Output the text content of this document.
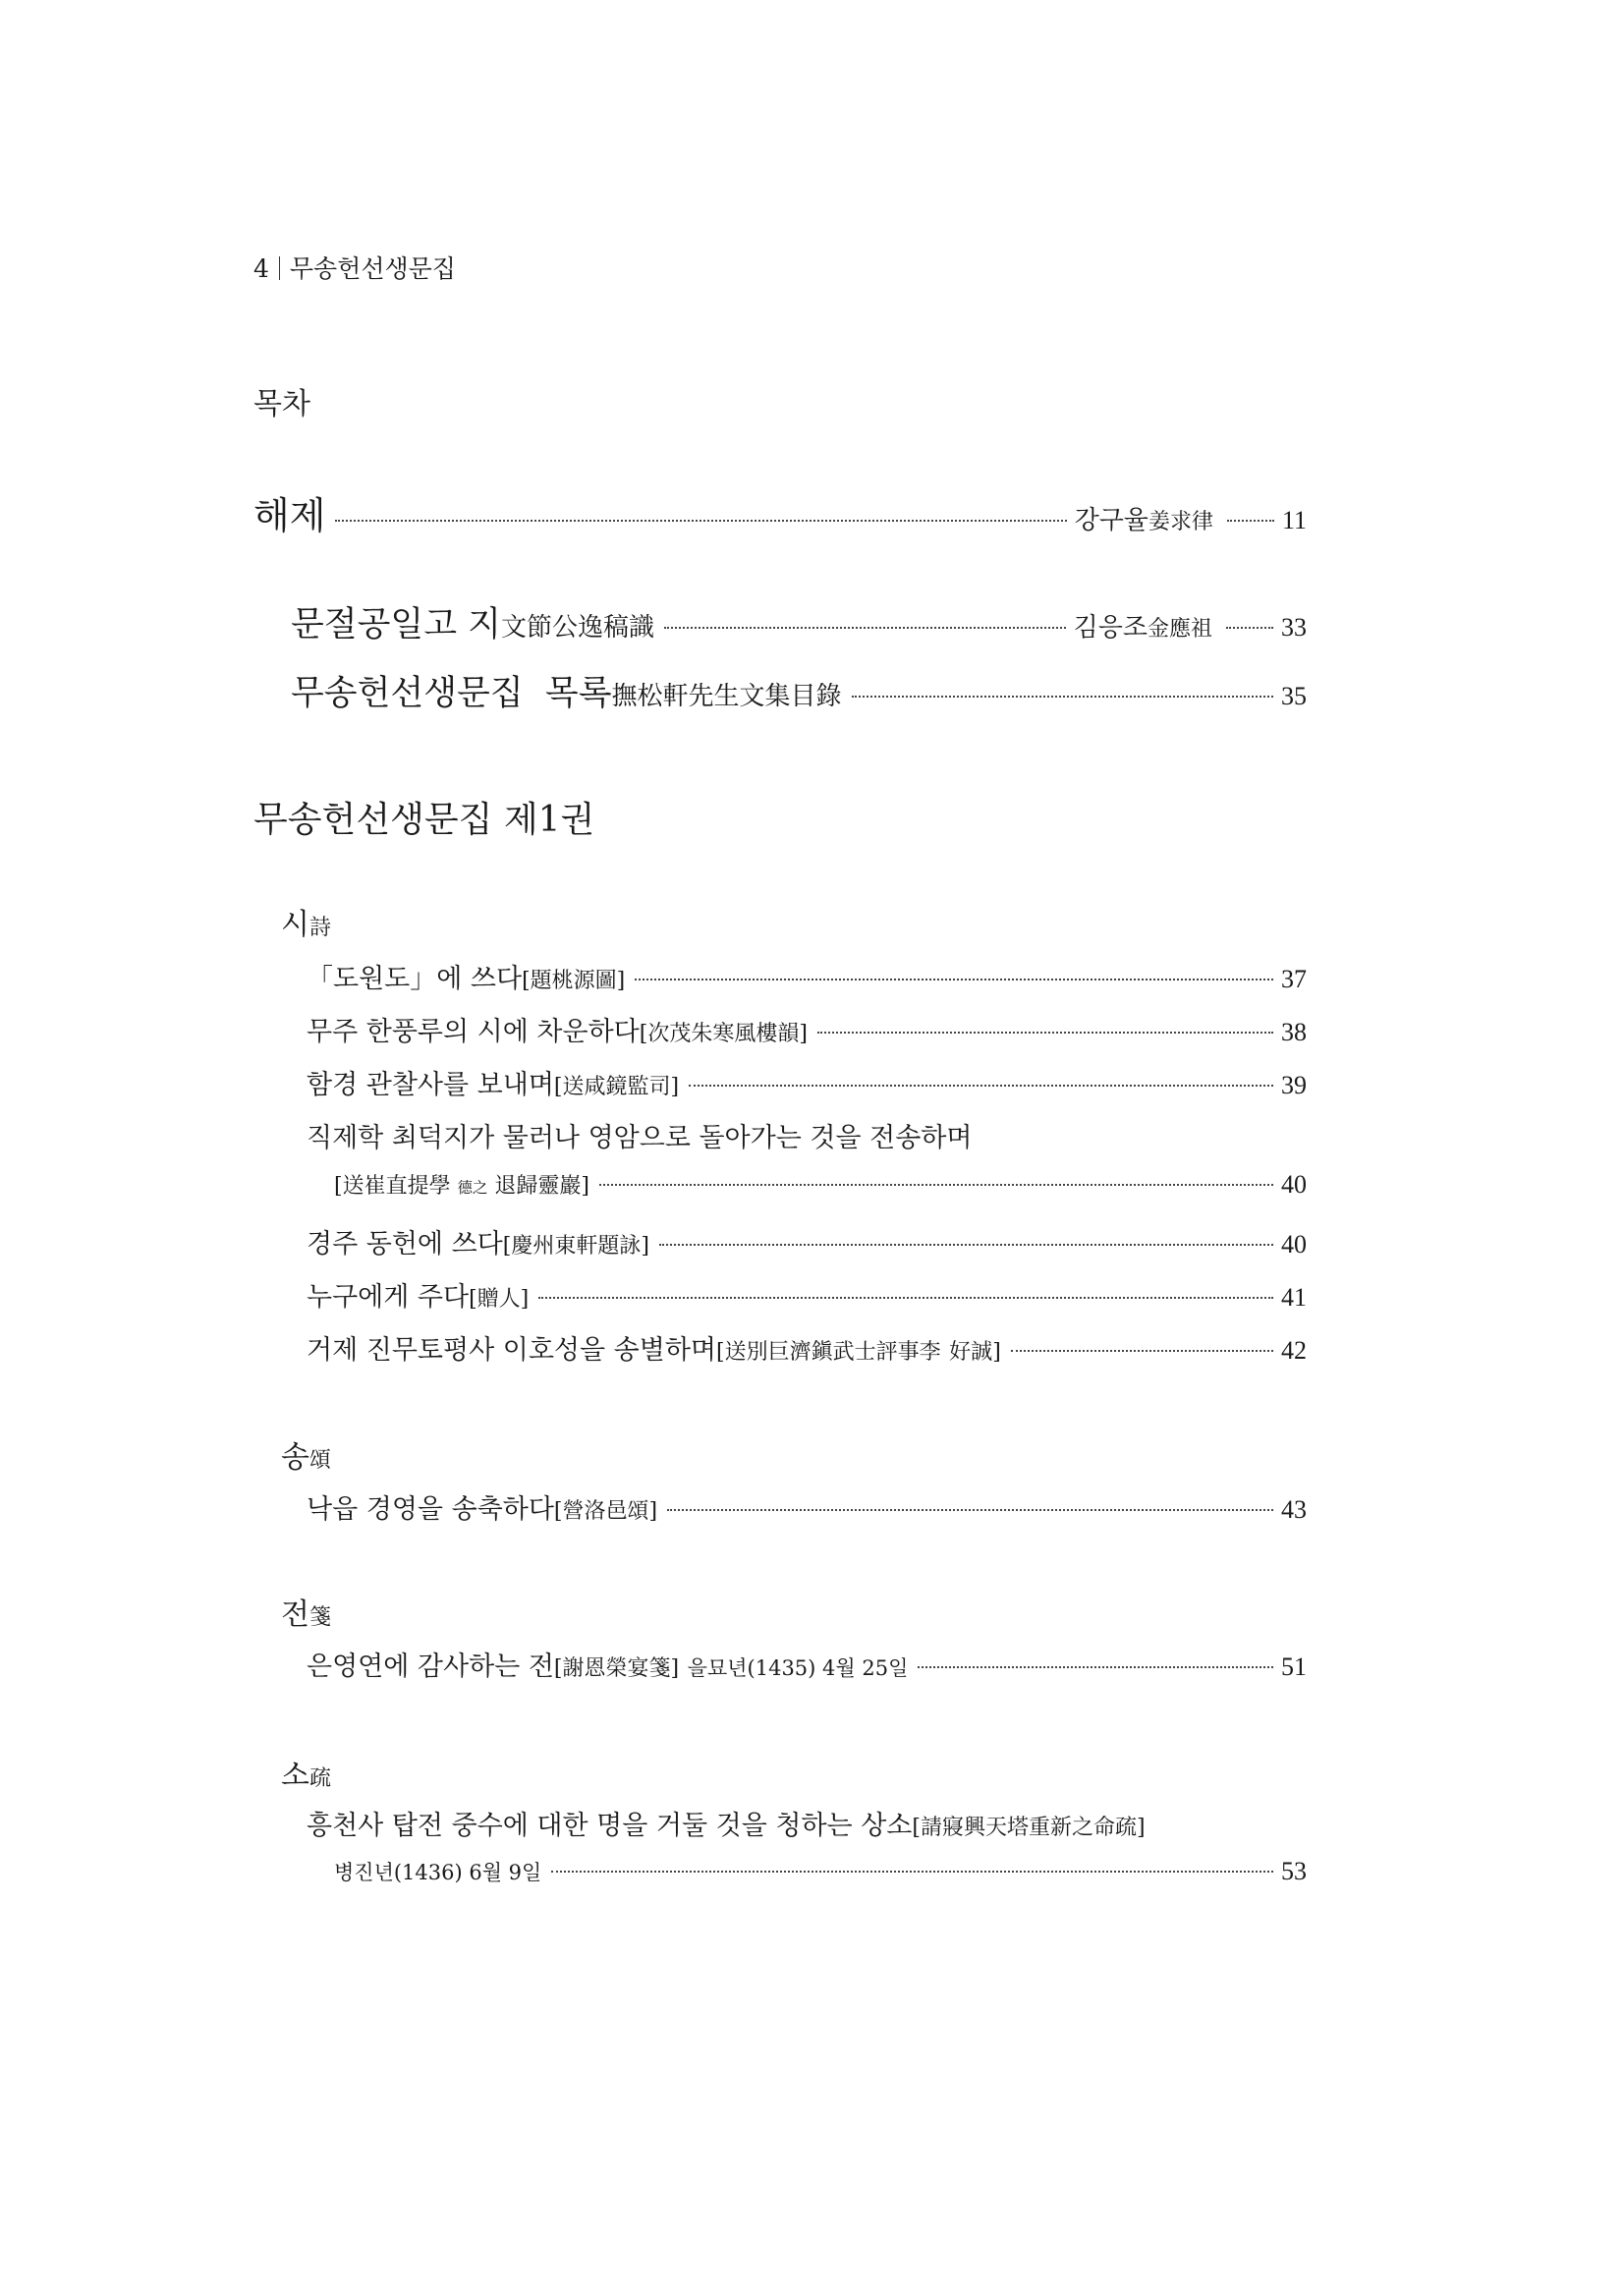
4 무송헌선생문집
목차
해제	강구율姜求律	11
문절공일고 지文節公逸稿識	김응조金應祖	33
무송헌선생문집  목록撫松軒先生文集目錄	35
무송헌선생문집 제1권
시詩
「도원도」에 쓰다[題桃源圖]	37
무주 한풍루의 시에 차운하다[次茂朱寒風樓韻]	38
함경 관찰사를 보내며[送咸鏡監司]	39
직제학 최덕지가 물러나 영암으로 돌아가는 것을 전송하며
[送崔直提學 德之 退歸靈巖]	40
경주 동헌에 쓰다[慶州東軒題詠]	40
누구에게 주다[贈人]	41
거제 진무토평사 이호성을 송별하며[送別巨濟鎭武士評事李 好誠]	42
송頌
낙읍 경영을 송축하다[營洛邑頌]	43
전箋
은영연에 감사하는 전[謝恩榮宴箋] 을묘년(1435) 4월 25일	51
소疏
흥천사 탑전 중수에 대한 명을 거둘 것을 청하는 상소[請寢興天塔重新之命疏]
병진년(1436) 6월 9일	53
